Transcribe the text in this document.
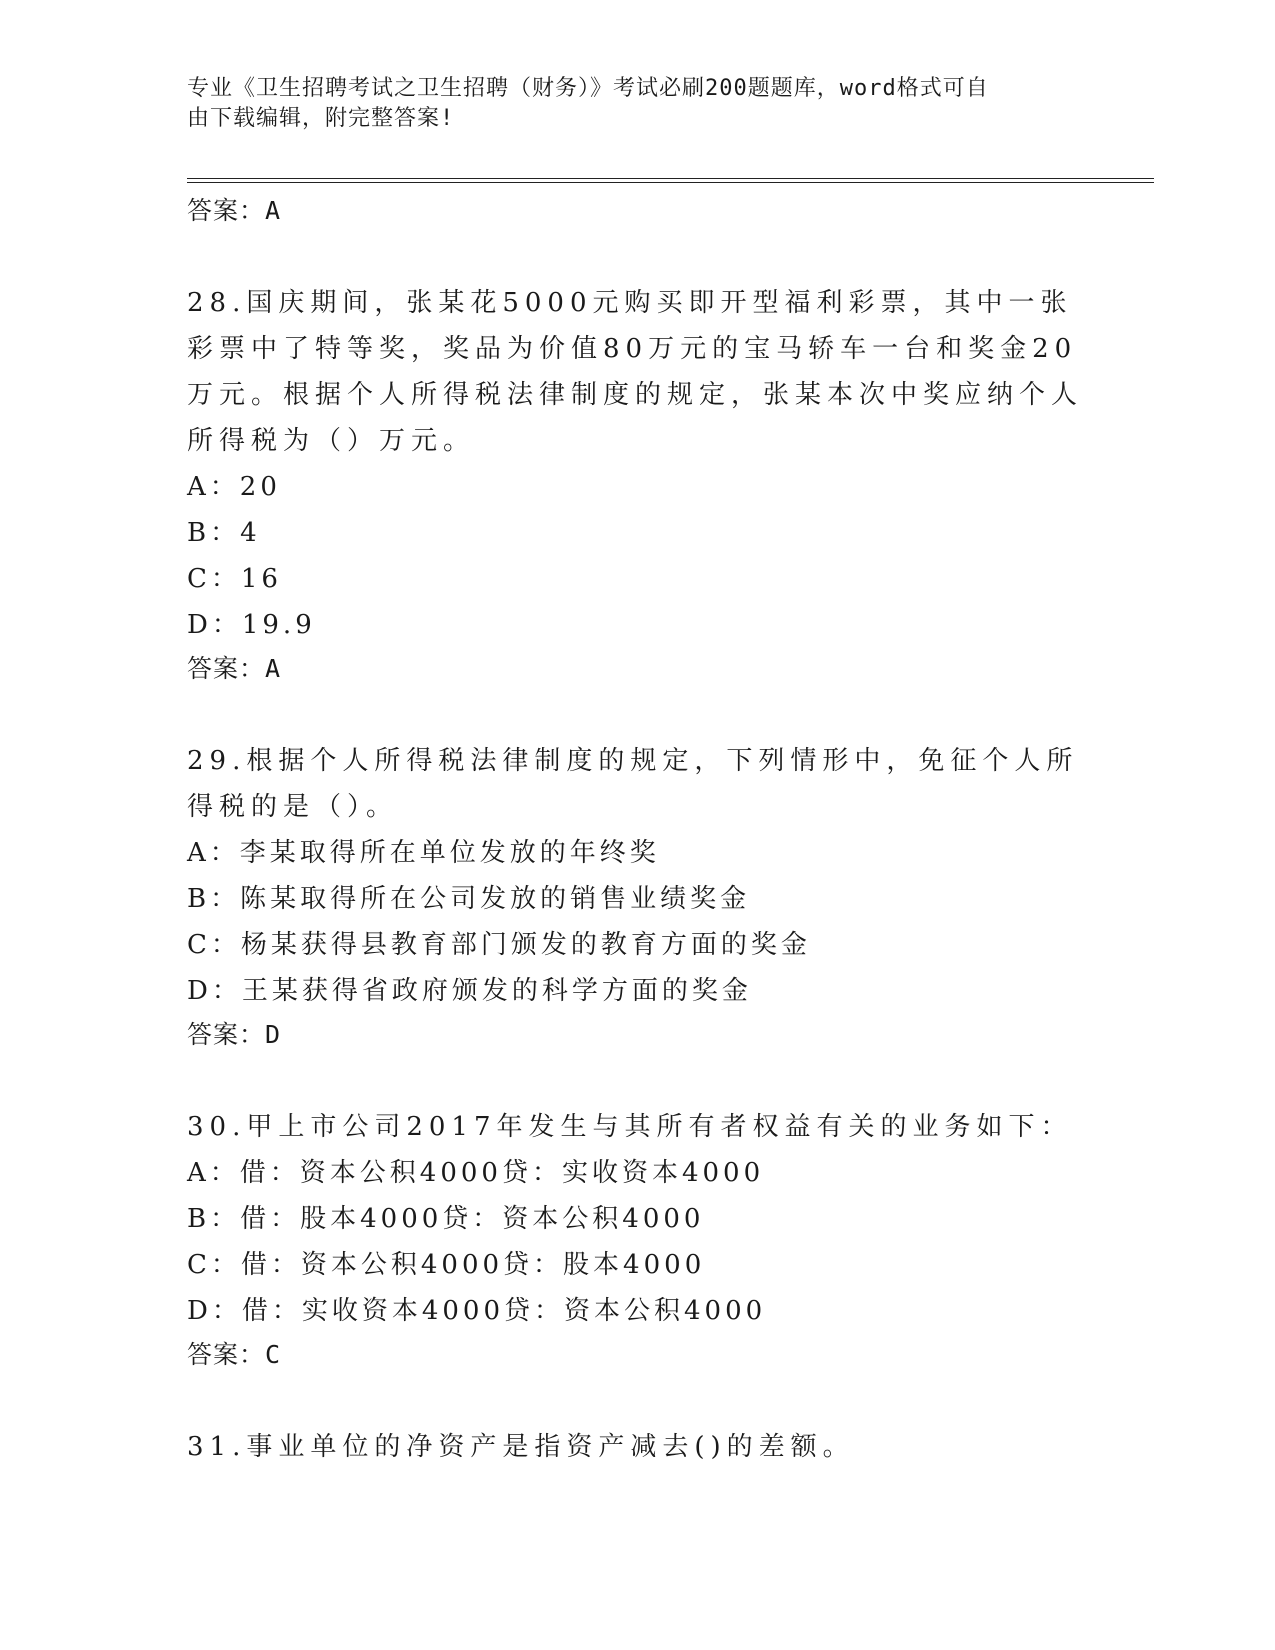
专业《卫生招聘考试之卫生招聘（财务）》考试必刷200题题库，word格式可自
由下载编辑，附完整答案!
答案：A
28.国庆期间，张某花5000元购买即开型福利彩票，其中一张彩票中了特等奖，奖品为价值80万元的宝马轿车一台和奖金20万元。根据个人所得税法律制度的规定，张某本次中奖应纳个人所得税为（）万元。
A：20
B：4
C：16
D：19.9
答案：A
29.根据个人所得税法律制度的规定，下列情形中，免征个人所得税的是（）。
A：李某取得所在单位发放的年终奖
B：陈某取得所在公司发放的销售业绩奖金
C：杨某获得县教育部门颁发的教育方面的奖金
D：王某获得省政府颁发的科学方面的奖金
答案：D
30.甲上市公司2017年发生与其所有者权益有关的业务如下：
A：借：资本公积4000贷：实收资本4000
B：借：股本4000贷：资本公积4000
C：借：资本公积4000贷：股本4000
D：借：实收资本4000贷：资本公积4000
答案：C
31.事业单位的净资产是指资产减去()的差额。
